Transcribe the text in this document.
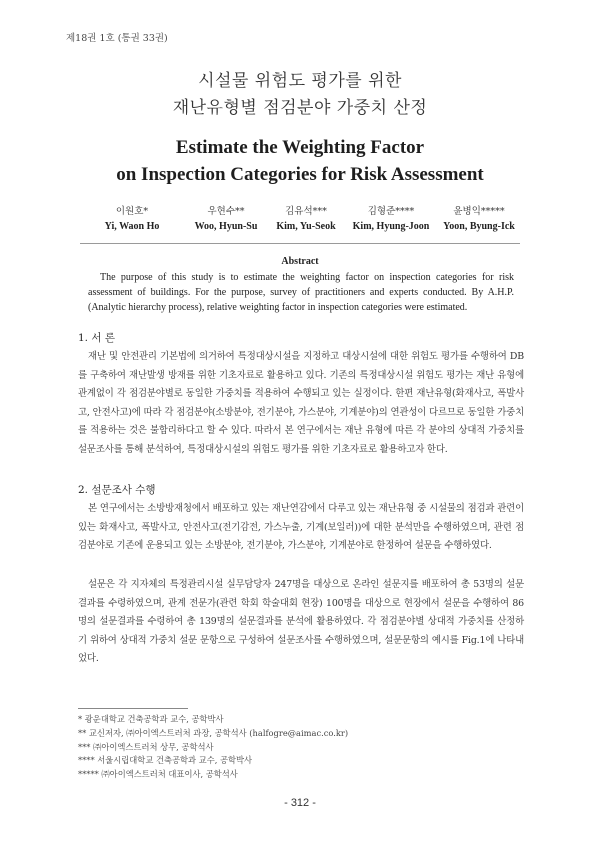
제18권 1호 (통권 33권)
시설물 위험도 평가를 위한
재난유형별 점검분야 가중치 산정
Estimate the Weighting Factor
on Inspection Categories for Risk Assessment
이원호*
Yi, Waon Ho
우현수**
Woo, Hyun-Su
김유석***
Kim, Yu-Seok
김형준****
Kim, Hyung-Joon
윤병익*****
Yoon, Byung-Ick
Abstract
The purpose of this study is to estimate the weighting factor on inspection categories for risk assessment of buildings. For the purpose, survey of practitioners and experts conducted. By A.H.P.(Analytic hierarchy process), relative weighting factor in inspection categories were estimated.
1. 서 론
재난 및 안전관리 기본법에 의거하여 특정대상시설을 지정하고 대상시설에 대한 위험도 평가를 수행하여 DB를 구축하여 재난발생 방재를 위한 기초자료로 활용하고 있다. 기존의 특정대상시설 위험도 평가는 재난 유형에 관계없이 각 점검분야별로 동일한 가중치를 적용하여 수행되고 있는 실정이다. 한편 재난유형(화재사고, 폭발사고, 안전사고)에 따라 각 점검분야(소방분야, 전기분야, 가스분야, 기계분야)의 연관성이 다르므로 동일한 가중치를 적용하는 것은 불합리하다고 할 수 있다. 따라서 본 연구에서는 재난 유형에 따른 각 분야의 상대적 가중치를 설문조사를 통해 분석하여, 특정대상시설의 위험도 평가를 위한 기초자료로 활용하고자 한다.
2. 설문조사 수행
본 연구에서는 소방방재청에서 배포하고 있는 재난연감에서 다루고 있는 재난유형 중 시설물의 점검과 관련이 있는 화재사고, 폭발사고, 안전사고(전기감전, 가스누출, 기계(보일러))에 대한 분석만을 수행하였으며, 관련 점검분야로 기존에 운용되고 있는 소방분야, 전기분야, 가스분야, 기계분야로 한정하여 설문을 수행하였다.
설문은 각 지자체의 특정관리시설 실무담당자 247명을 대상으로 온라인 설문지를 배포하여 총 53명의 설문결과를 수령하였으며, 관계 전문가(관련 학회 학술대회 현장) 100명을 대상으로 현장에서 설문을 수행하여 86명의 설문결과를 수령하여 총 139명의 설문결과를 분석에 활용하였다. 각 점검분야별 상대적 가중치를 산정하기 위하여 상대적 가중치 설문 문항으로 구성하여 설문조사를 수행하였으며, 설문문항의 예시를 Fig.1에 나타내었다.
* 광운대학교 건축공학과 교수, 공학박사
** 교신저자, ㈜아이엑스트러처 과장, 공학석사 (halfogre@aimac.co.kr)
*** ㈜아이엑스트러처 상무, 공학석사
**** 서울시립대학교 건축공학과 교수, 공학박사
***** ㈜아이엑스트러처 대표이사, 공학석사
- 312 -
